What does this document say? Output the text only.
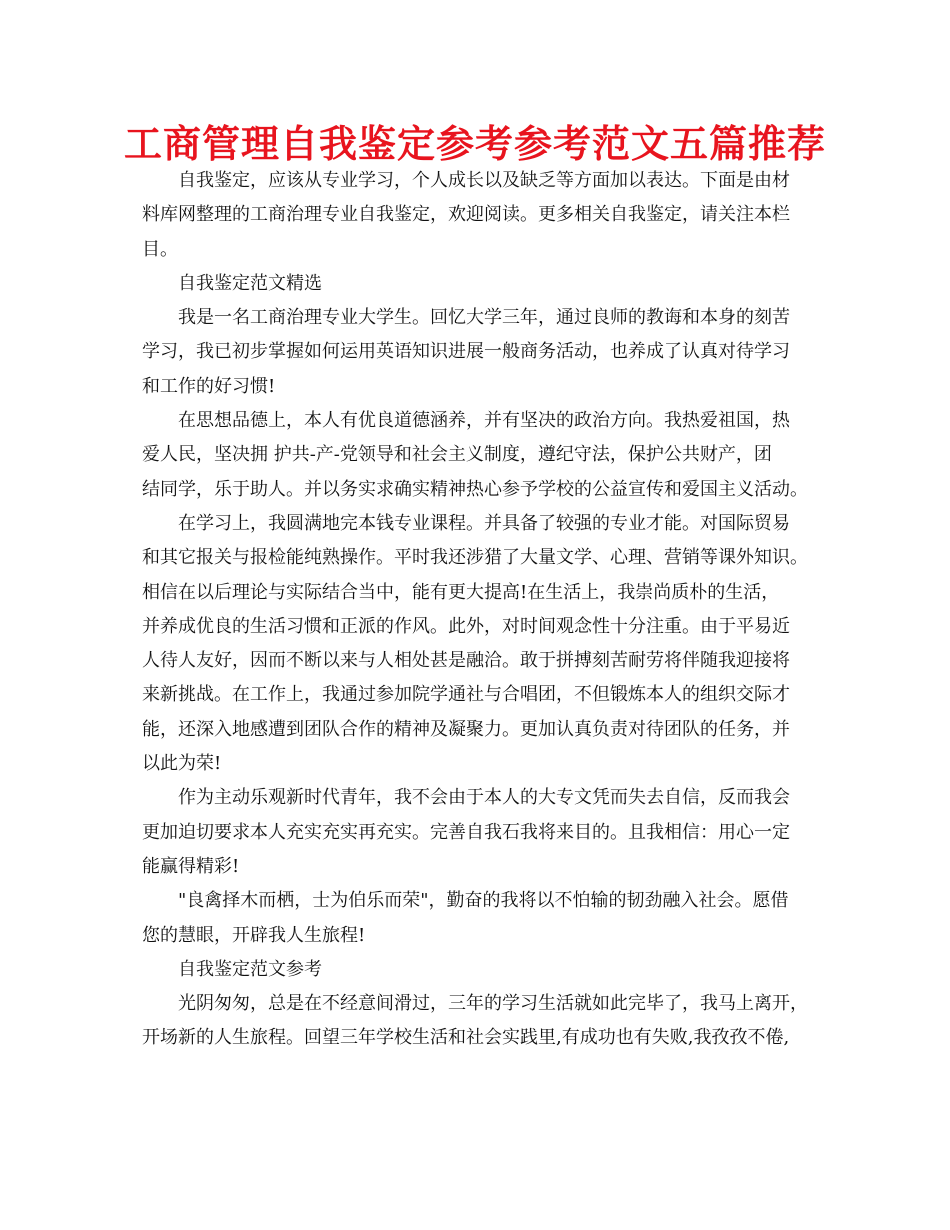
工商管理自我鉴定参考参考范文五篇推荐
自我鉴定，应该从专业学习，个人成长以及缺乏等方面加以表达。下面是由材
料库网整理的工商治理专业自我鉴定，欢迎阅读。更多相关自我鉴定，请关注本栏
目。
自我鉴定范文精选
我是一名工商治理专业大学生。回忆大学三年，通过良师的教诲和本身的刻苦
学习，我已初步掌握如何运用英语知识进展一般商务活动，也养成了认真对待学习
和工作的好习惯!
在思想品德上，本人有优良道德涵养，并有坚决的政治方向。我热爱祖国，热
爱人民，坚决拥 护共-产-党领导和社会主义制度，遵纪守法，保护公共财产，团
结同学，乐于助人。并以务实求确实精神热心参予学校的公益宣传和爱国主义活动。
在学习上，我圆满地完本钱专业课程。并具备了较强的专业才能。对国际贸易
和其它报关与报检能纯熟操作。平时我还涉猎了大量文学、心理、营销等课外知识。
相信在以后理论与实际结合当中，能有更大提高!在生活上，我崇尚质朴的生活，
并养成优良的生活习惯和正派的作风。此外，对时间观念性十分注重。由于平易近
人待人友好，因而不断以来与人相处甚是融洽。敢于拼搏刻苦耐劳将伴随我迎接将
来新挑战。在工作上，我通过参加院学通社与合唱团，不但锻炼本人的组织交际才
能，还深入地感遭到团队合作的精神及凝聚力。更加认真负责对待团队的任务，并
以此为荣!
作为主动乐观新时代青年，我不会由于本人的大专文凭而失去自信，反而我会
更加迫切要求本人充实充实再充实。完善自我石我将来目的。且我相信：用心一定
能赢得精彩!
"良禽择木而栖，士为伯乐而荣"，勤奋的我将以不怕输的韧劲融入社会。愿借
您的慧眼，开辟我人生旅程!
自我鉴定范文参考
光阴匆匆，总是在不经意间滑过，三年的学习生活就如此完毕了，我马上离开，
开场新的人生旅程。回望三年学校生活和社会实践里,有成功也有失败,我孜孜不倦,
